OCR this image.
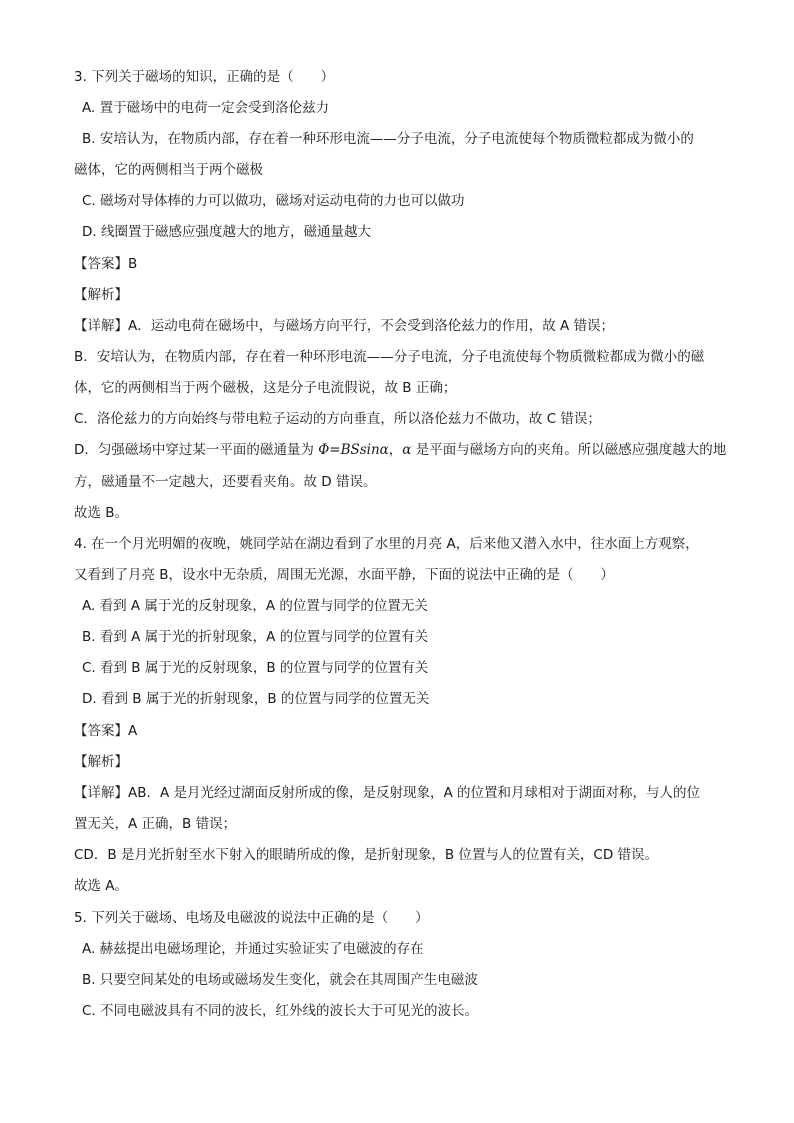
3. 下列关于磁场的知识，正确的是（　　）
A. 置于磁场中的电荷一定会受到洛伦兹力
B. 安培认为，在物质内部，存在着一种环形电流——分子电流，分子电流使每个物质微粒都成为微小的
磁体，它的两侧相当于两个磁极
C. 磁场对导体棒的力可以做功，磁场对运动电荷的力也可以做功
D. 线圈置于磁感应强度越大的地方，磁通量越大
【答案】B
【解析】
【详解】A．运动电荷在磁场中，与磁场方向平行，不会受到洛伦兹力的作用，故 A 错误；
B．安培认为，在物质内部，存在着一种环形电流——分子电流，分子电流使每个物质微粒都成为微小的磁
体，它的两侧相当于两个磁极，这是分子电流假说，故 B 正确；
C．洛伦兹力的方向始终与带电粒子运动的方向垂直，所以洛伦兹力不做功，故 C 错误；
D．匀强磁场中穿过某一平面的磁通量为 Φ=BSsinα，α 是平面与磁场方向的夹角。所以磁感应强度越大的地
方，磁通量不一定越大，还要看夹角。故 D 错误。
故选 B。
4. 在一个月光明媚的夜晚，姚同学站在湖边看到了水里的月亮 A，后来他又潜入水中，往水面上方观察，
又看到了月亮 B，设水中无杂质，周围无光源，水面平静，下面的说法中正确的是（　　）
A. 看到 A 属于光的反射现象，A 的位置与同学的位置无关
B. 看到 A 属于光的折射现象，A 的位置与同学的位置有关
C. 看到 B 属于光的反射现象，B 的位置与同学的位置有关
D. 看到 B 属于光的折射现象，B 的位置与同学的位置无关
【答案】A
【解析】
【详解】AB．A 是月光经过湖面反射所成的像，是反射现象，A 的位置和月球相对于湖面对称，与人的位
置无关，A 正确，B 错误；
CD．B 是月光折射至水下射入的眼睛所成的像，是折射现象，B 位置与人的位置有关，CD 错误。
故选 A。
5. 下列关于磁场、电场及电磁波的说法中正确的是（　　）
A. 赫兹提出电磁场理论，并通过实验证实了电磁波的存在
B. 只要空间某处的电场或磁场发生变化，就会在其周围产生电磁波
C. 不同电磁波具有不同的波长，红外线的波长大于可见光的波长。
